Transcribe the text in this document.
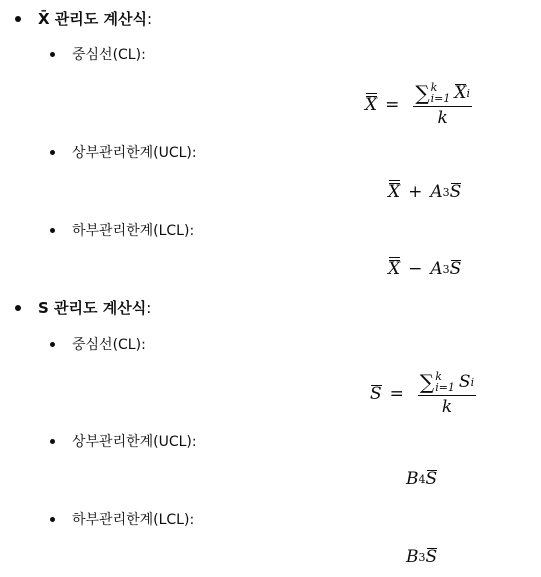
X̄ 관리도 계산식:
중심선(CL):
X = ∑ k
i=1 X i
k
상부관리한계(UCL):
X + A 3 S
하부관리한계(LCL):
X − A 3 S
S 관리도 계산식:
중심선(CL):
S = ∑ k
i=1 S i
k
상부관리한계(UCL):
B 4 S
하부관리한계(LCL):
B 3 S
